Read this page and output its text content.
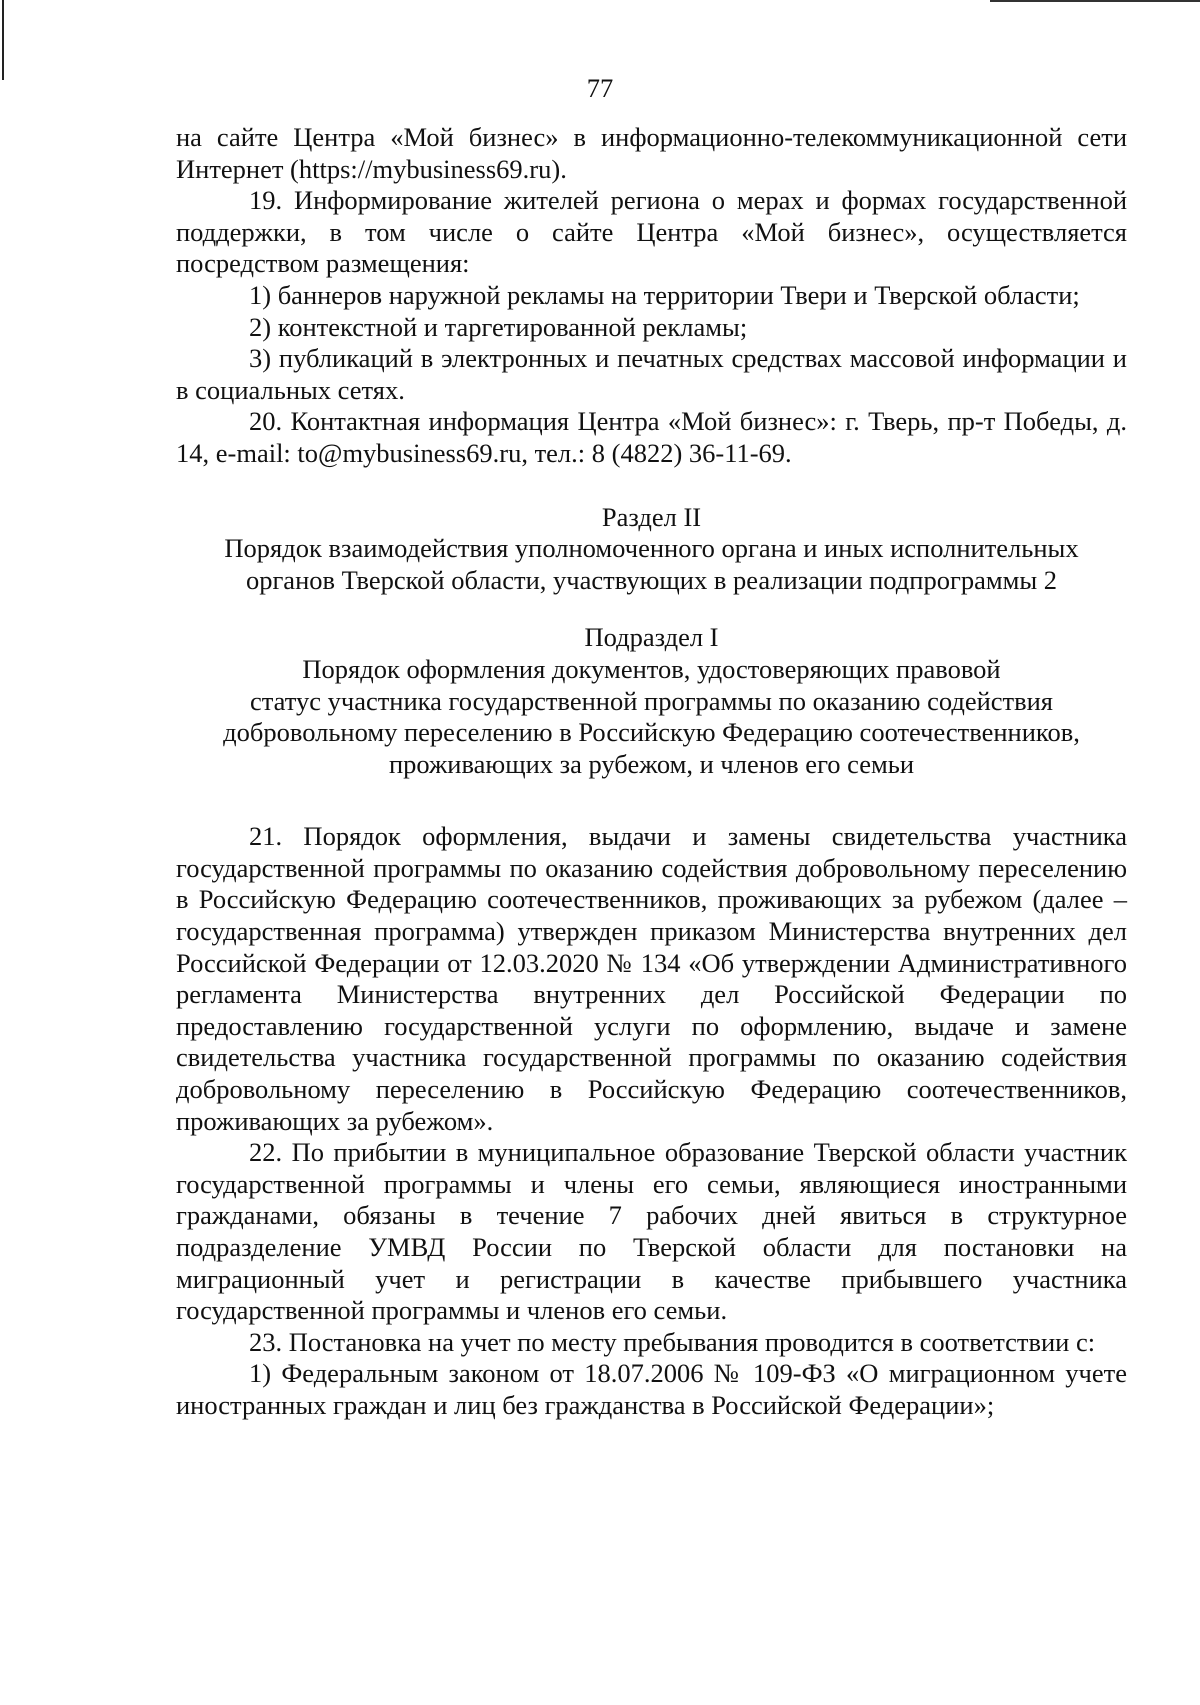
77

на сайте Центра «Мой бизнес» в информационно-телекоммуникационной сети Интернет (https://mybusiness69.ru).

19. Информирование жителей региона о мерах и формах государственной поддержки, в том числе о сайте Центра «Мой бизнес», осуществляется посредством размещения:

1) баннеров наружной рекламы на территории Твери и Тверской области;

2) контекстной и таргетированной рекламы;

3) публикаций в электронных и печатных средствах массовой информации и в социальных сетях.

20. Контактная информация Центра «Мой бизнес»: г. Тверь, пр-т Победы, д. 14, e-mail: to@mybusiness69.ru, тел.: 8 (4822) 36-11-69.

Раздел II

Порядок взаимодействия уполномоченного органа и иных исполнительных

органов Тверской области, участвующих в реализации подпрограммы 2

Подраздел I

Порядок оформления документов, удостоверяющих правовой

статус участника государственной программы по оказанию содействия

добровольному переселению в Российскую Федерацию соотечественников,

проживающих за рубежом, и членов его семьи

21. Порядок оформления, выдачи и замены свидетельства участника государственной программы по оказанию содействия добровольному переселению в Российскую Федерацию соотечественников, проживающих за рубежом (далее – государственная программа) утвержден приказом Министерства внутренних дел Российской Федерации от 12.03.2020 № 134 «Об утверждении Административного регламента Министерства внутренних дел Российской Федерации по предоставлению государственной услуги по оформлению, выдаче и замене свидетельства участника государственной программы по оказанию содействия добровольному переселению в Российскую Федерацию соотечественников, проживающих за рубежом».

22. По прибытии в муниципальное образование Тверской области участник государственной программы и члены его семьи, являющиеся иностранными гражданами, обязаны в течение 7 рабочих дней явиться в структурное подразделение УМВД России по Тверской области для постановки на миграционный учет и регистрации в качестве прибывшего участника государственной программы и членов его семьи.

23. Постановка на учет по месту пребывания проводится в соответствии с:

1) Федеральным законом от 18.07.2006 № 109-ФЗ «О миграционном учете иностранных граждан и лиц без гражданства в Российской Федерации»;
